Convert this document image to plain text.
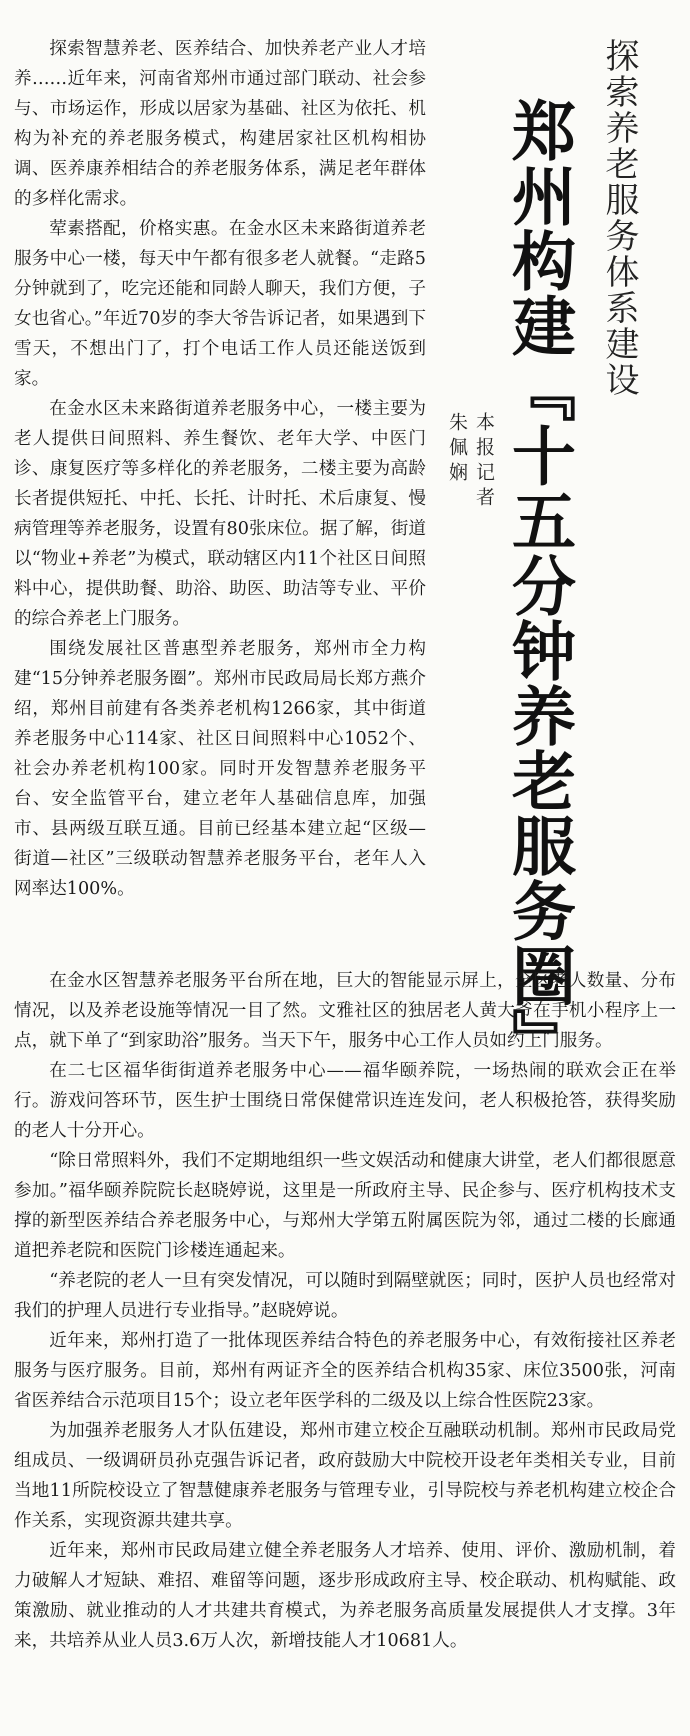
探索养老服务体系建设
郑州构建『十五分钟养老服务圈』
本报记者
朱佩娴

探索智慧养老、医养结合、加快养老产业人才培养……近年来，河南省郑州市通过部门联动、社会参与、市场运作，形成以居家为基础、社区为依托、机构为补充的养老服务模式，构建居家社区机构相协调、医养康养相结合的养老服务体系，满足老年群体的多样化需求。

荤素搭配，价格实惠。在金水区未来路街道养老服务中心一楼，每天中午都有很多老人就餐。“走路5分钟就到了，吃完还能和同龄人聊天，我们方便，子女也省心。”年近70岁的李大爷告诉记者，如果遇到下雪天，不想出门了，打个电话工作人员还能送饭到家。

在金水区未来路街道养老服务中心，一楼主要为老人提供日间照料、养生餐饮、老年大学、中医门诊、康复医疗等多样化的养老服务，二楼主要为高龄长者提供短托、中托、长托、计时托、术后康复、慢病管理等养老服务，设置有80张床位。据了解，街道以“物业+养老”为模式，联动辖区内11个社区日间照料中心，提供助餐、助浴、助医、助洁等专业、平价的综合养老上门服务。

围绕发展社区普惠型养老服务，郑州市全力构建“15分钟养老服务圈”。郑州市民政局局长郑方燕介绍，郑州目前建有各类养老机构1266家，其中街道养老服务中心114家、社区日间照料中心1052个、社会办养老机构100家。同时开发智慧养老服务平台、安全监管平台，建立老年人基础信息库，加强市、县两级互联互通。目前已经基本建立起“区级—街道—社区”三级联动智慧养老服务平台，老年人入网率达100%。

在金水区智慧养老服务平台所在地，巨大的智能显示屏上，全区老人数量、分布情况，以及养老设施等情况一目了然。文雅社区的独居老人黄大爷在手机小程序上一点，就下单了“到家助浴”服务。当天下午，服务中心工作人员如约上门服务。

在二七区福华街街道养老服务中心——福华颐养院，一场热闹的联欢会正在举行。游戏问答环节，医生护士围绕日常保健常识连连发问，老人积极抢答，获得奖励的老人十分开心。

“除日常照料外，我们不定期地组织一些文娱活动和健康大讲堂，老人们都很愿意参加。”福华颐养院院长赵晓婷说，这里是一所政府主导、民企参与、医疗机构技术支撑的新型医养结合养老服务中心，与郑州大学第五附属医院为邻，通过二楼的长廊通道把养老院和医院门诊楼连通起来。

“养老院的老人一旦有突发情况，可以随时到隔壁就医；同时，医护人员也经常对我们的护理人员进行专业指导。”赵晓婷说。

近年来，郑州打造了一批体现医养结合特色的养老服务中心，有效衔接社区养老服务与医疗服务。目前，郑州有两证齐全的医养结合机构35家、床位3500张，河南省医养结合示范项目15个；设立老年医学科的二级及以上综合性医院23家。

为加强养老服务人才队伍建设，郑州市建立校企互融联动机制。郑州市民政局党组成员、一级调研员孙克强告诉记者，政府鼓励大中院校开设老年类相关专业，目前当地11所院校设立了智慧健康养老服务与管理专业，引导院校与养老机构建立校企合作关系，实现资源共建共享。

近年来，郑州市民政局建立健全养老服务人才培养、使用、评价、激励机制，着力破解人才短缺、难招、难留等问题，逐步形成政府主导、校企联动、机构赋能、政策激励、就业推动的人才共建共育模式，为养老服务高质量发展提供人才支撑。3年来，共培养从业人员3.6万人次，新增技能人才10681人。
